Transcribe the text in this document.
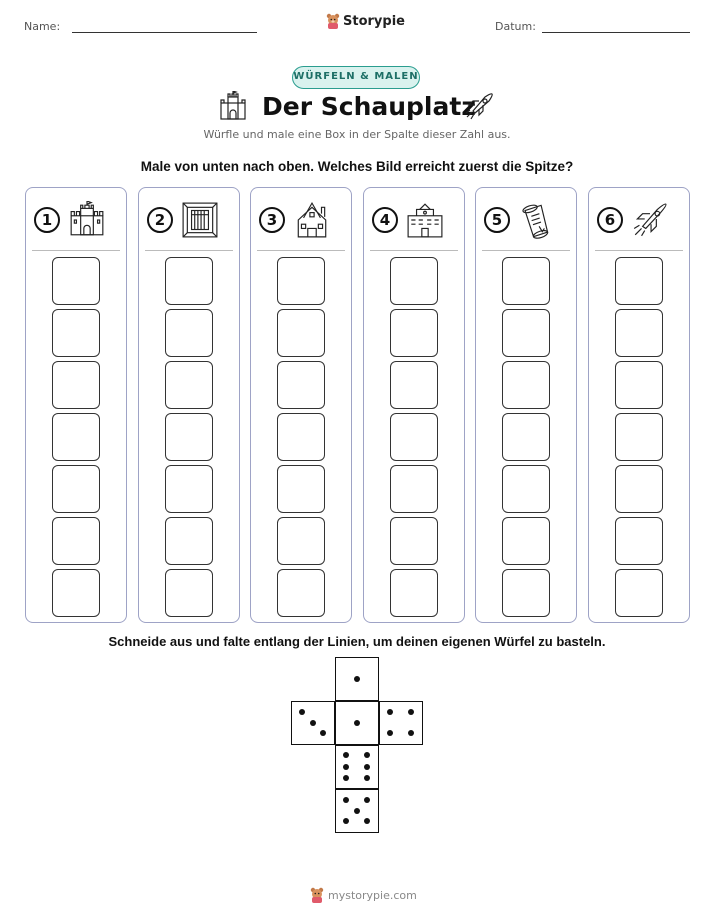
Name:	Storypie	Datum:
WÜRFELN & MALEN
Der Schauplatz
Würfle und male eine Box in der Spalte dieser Zahl aus.
Male von unten nach oben. Welches Bild erreicht zuerst die Spitze?
1	2	3	4	5	6
Schneide aus und falte entlang der Linien, um deinen eigenen Würfel zu basteln.
mystorypie.com
